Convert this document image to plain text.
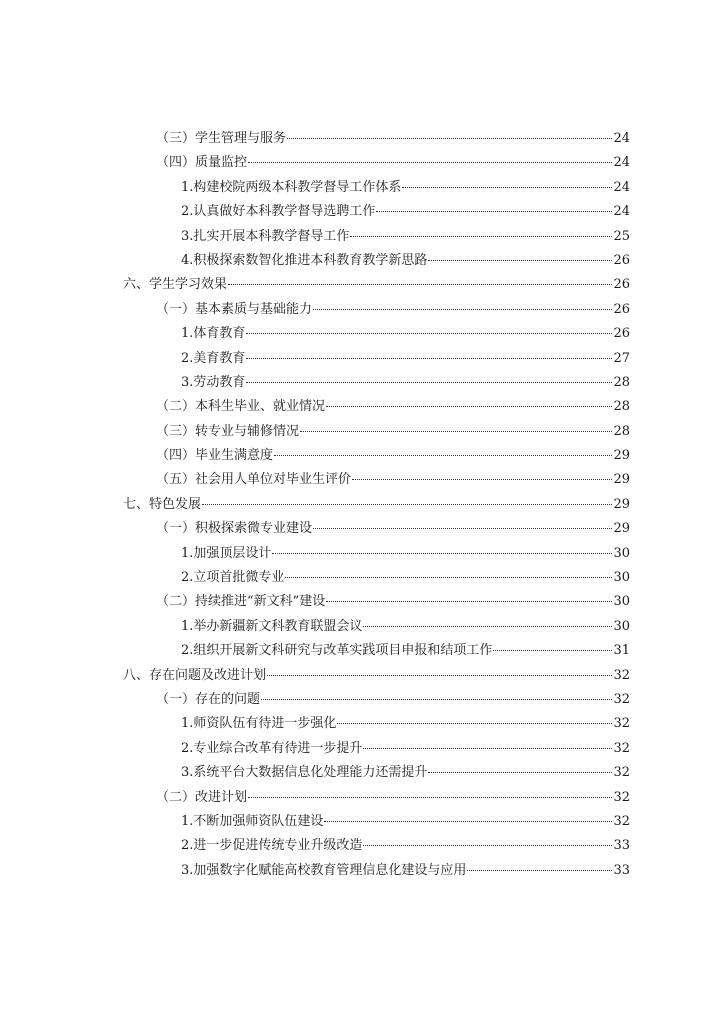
（三）学生管理与服务	24
（四）质量监控	24
1.构建校院两级本科教学督导工作体系	24
2.认真做好本科教学督导选聘工作	24
3.扎实开展本科教学督导工作	25
4.积极探索数智化推进本科教育教学新思路	26
六、学生学习效果	26
（一）基本素质与基础能力	26
1.体育教育	26
2.美育教育	27
3.劳动教育	28
（二）本科生毕业、就业情况	28
（三）转专业与辅修情况	28
（四）毕业生满意度	29
（五）社会用人单位对毕业生评价	29
七、特色发展	29
（一）积极探索微专业建设	29
1.加强顶层设计	30
2.立项首批微专业	30
（二）持续推进“新文科”建设	30
1.举办新疆新文科教育联盟会议	30
2.组织开展新文科研究与改革实践项目申报和结项工作	31
八、存在问题及改进计划	32
（一）存在的问题	32
1.师资队伍有待进一步强化	32
2.专业综合改革有待进一步提升	32
3.系统平台大数据信息化处理能力还需提升	32
（二）改进计划	32
1.不断加强师资队伍建设	32
2.进一步促进传统专业升级改造	33
3.加强数字化赋能高校教育管理信息化建设与应用	33
